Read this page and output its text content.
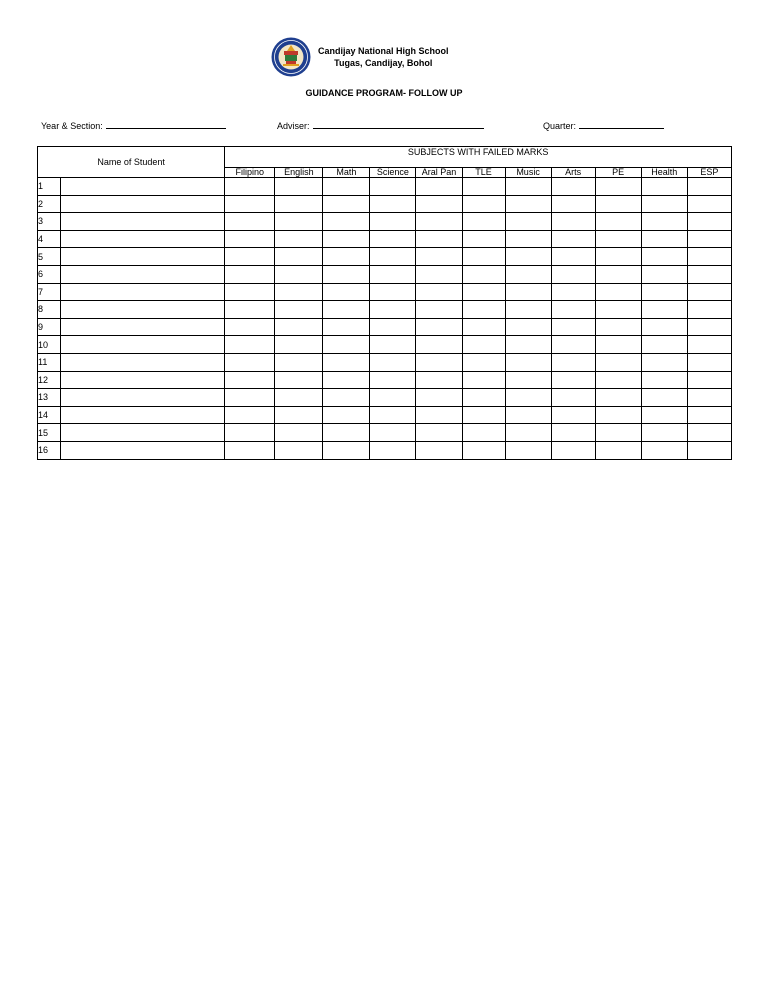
Candijay National High School
Tugas, Candijay, Bohol
GUIDANCE PROGRAM- FOLLOW UP
Year & Section:	Adviser:	Quarter:
Name of Student		SUBJECTS WITH FAILED MARKS										
		Filipino	English	Math	Science	Aral Pan	TLE	Music	Arts	PE	Health	ESP
1												
2												
3												
4												
5												
6												
7												
8												
9												
10												
11												
12												
13												
14												
15												
16												
